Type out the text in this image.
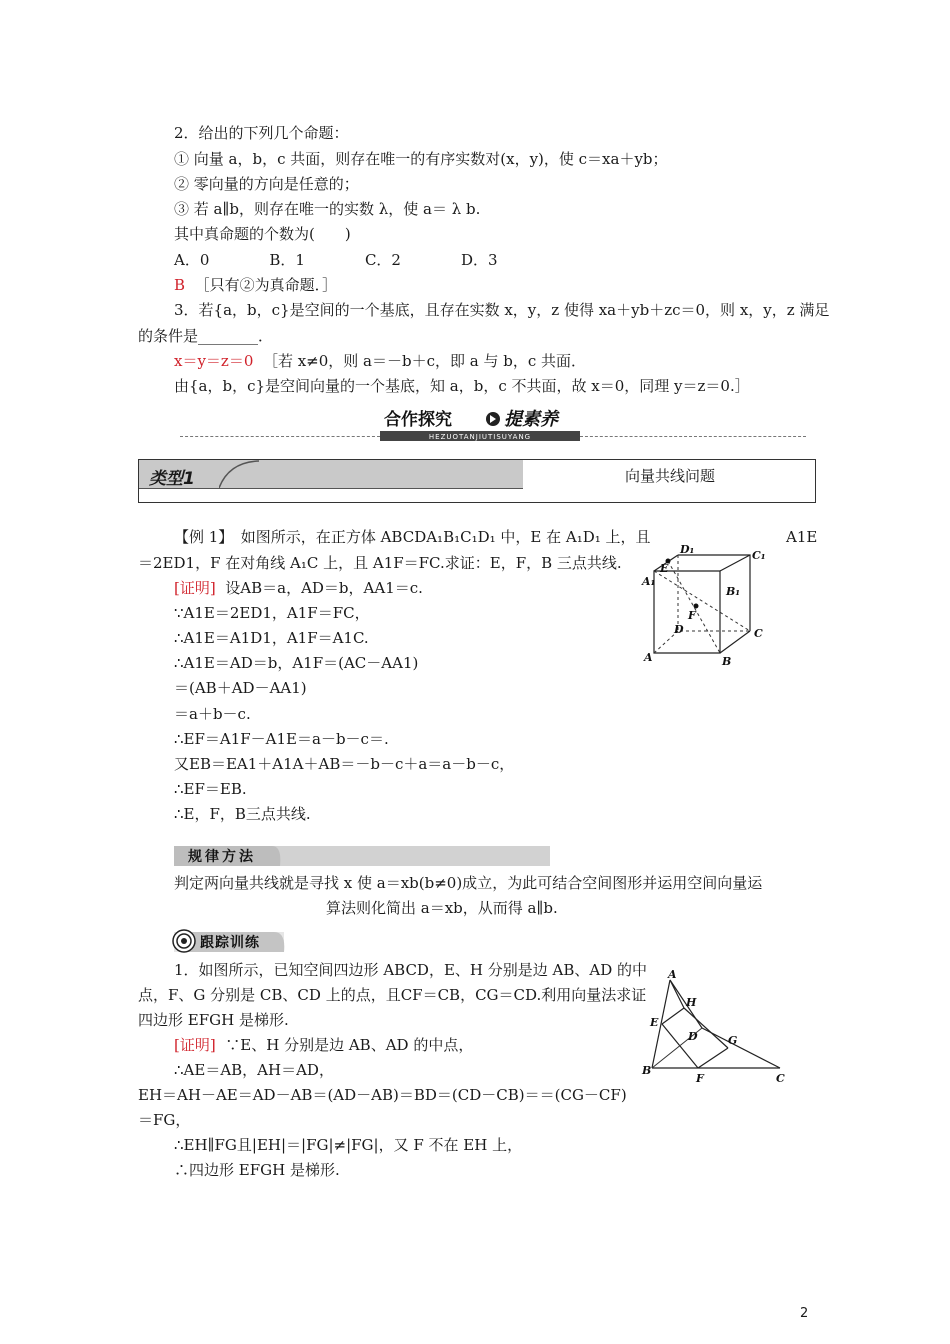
2．给出的下列几个命题：
① 向量 a，b，c 共面，则存在唯一的有序实数对(x，y)，使 c＝xa＋yb；
② 零向量的方向是任意的；
③ 若 a∥b，则存在唯一的实数 λ，使 a＝ λ b.
其中真命题的个数为(　　)
A．0　　　　B．1　　　　C．2　　　　D．3
B ［只有②为真命题．］
3．若{a，b，c}是空间的一个基底，且存在实数 x，y，z 使得 xa＋yb＋zc＝0，则 x，y，z 满足
的条件是________．
x＝y＝z＝0 ［若 x≠0，则 a＝－b＋c，即 a 与 b，c 共面．
由{a，b，c}是空间向量的一个基底，知 a，b，c 不共面，故 x＝0，同理 y＝z＝0.］
HEZUOTANJIUTISUYANG
合作探究	提素养
类型1	向量共线问题
【例 1】　如图所示，在正方体 ABCDA₁B₁C₁D₁ 中，E 在 A₁D₁ 上，且	A1E
＝2ED1，F 在对角线 A₁C 上，且 A1F＝FC.求证：E，F，B 三点共线.
[证明] 设AB＝a，AD＝b，AA1＝c.
∵A1E＝2ED1，A1F＝FC，
∴A1E＝A1D1，A1F＝A1C.
∴A1E＝AD＝b，A1F＝(AC－AA1)
＝(AB＋AD－AA1)
＝a＋b－c.
∴EF＝A1F－A1E＝a－b－c＝.
又EB＝EA1＋A1A＋AB＝－b－c＋a＝a－b－c，
∴EF＝EB.
∴E，F，B三点共线.
D₁	C₁
E
A₁
B₁
F
D	C
A	B
规律方法
判定两向量共线就是寻找 x 使 a＝xb(b≠0)成立，为此可结合空间图形并运用空间向量运
算法则化简出 a＝xb，从而得 a∥b.
跟踪训练
1．如图所示，已知空间四边形 ABCD，E、H 分别是边 AB、AD 的中
点，F、G 分别是 CB、CD 上的点，且CF＝CB，CG＝CD.利用向量法求证
四边形 EFGH 是梯形.
[证明] ∵E、H 分别是边 AB、AD 的中点，
∴AE＝AB，AH＝AD，
EH＝AH－AE＝AD－AB＝(AD－AB)＝BD＝(CD－CB)＝＝(CG－CF)
＝FG，
∴EH∥FG且|EH|＝|FG|≠|FG|，又 F 不在 EH 上，
∴四边形 EFGH 是梯形.
A
H
E
D	G
B
F	C
2
